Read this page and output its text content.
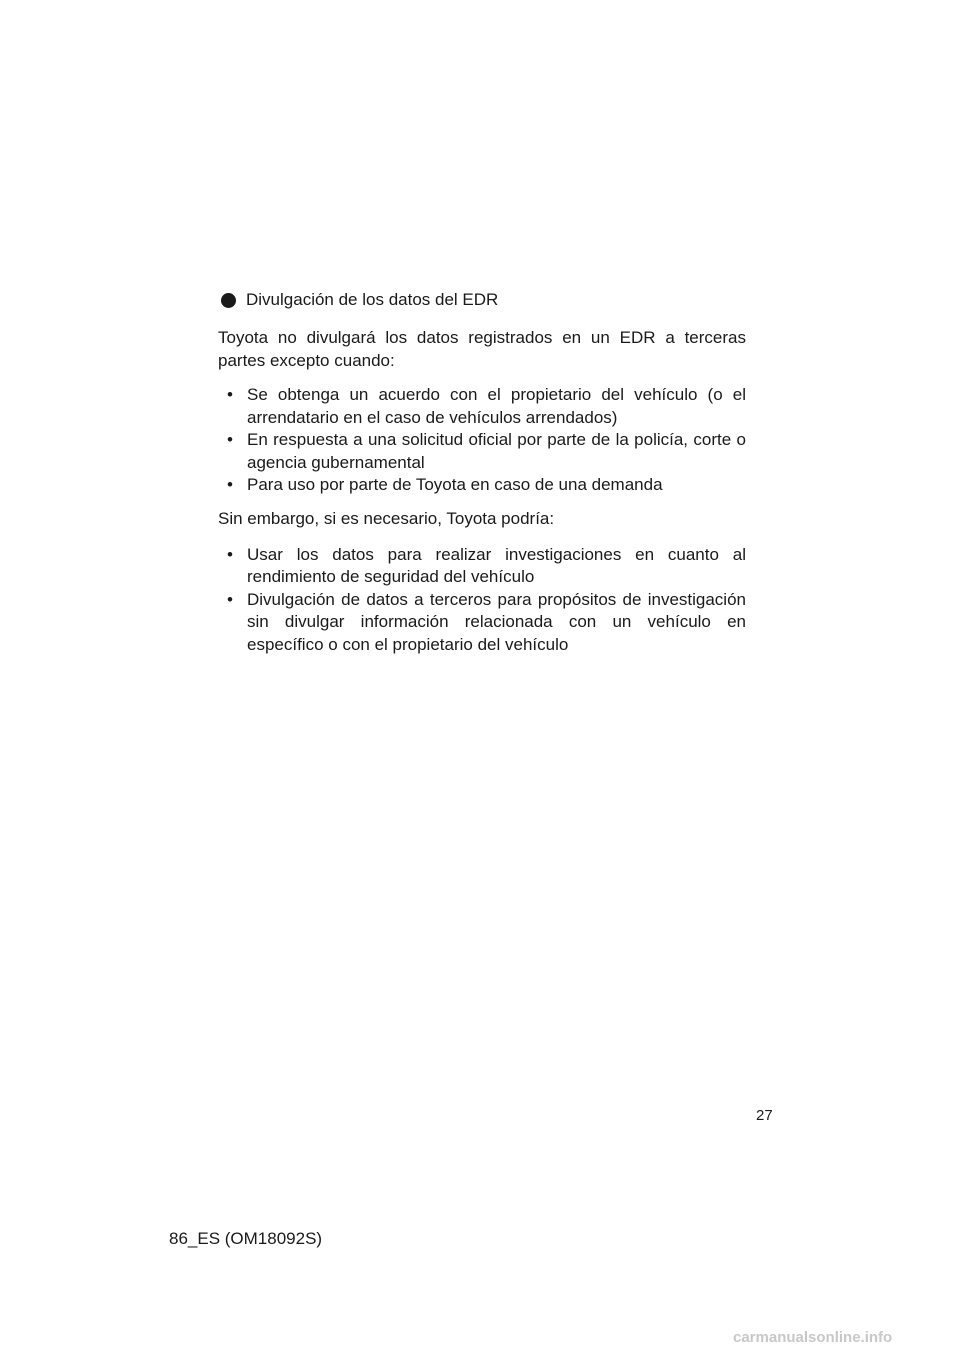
Divulgación de los datos del EDR

Toyota no divulgará los datos registrados en un EDR a terceras partes excepto cuando:

• Se obtenga un acuerdo con el propietario del vehículo (o el arrendatario en el caso de vehículos arrendados)
• En respuesta a una solicitud oficial por parte de la policía, corte o agencia gubernamental
• Para uso por parte de Toyota en caso de una demanda

Sin embargo, si es necesario, Toyota podría:

• Usar los datos para realizar investigaciones en cuanto al rendimiento de seguridad del vehículo
• Divulgación de datos a terceros para propósitos de investigación sin divulgar información relacionada con un vehículo en específico o con el propietario del vehículo
27
86_ES (OM18092S)
carmanualsonline.info
